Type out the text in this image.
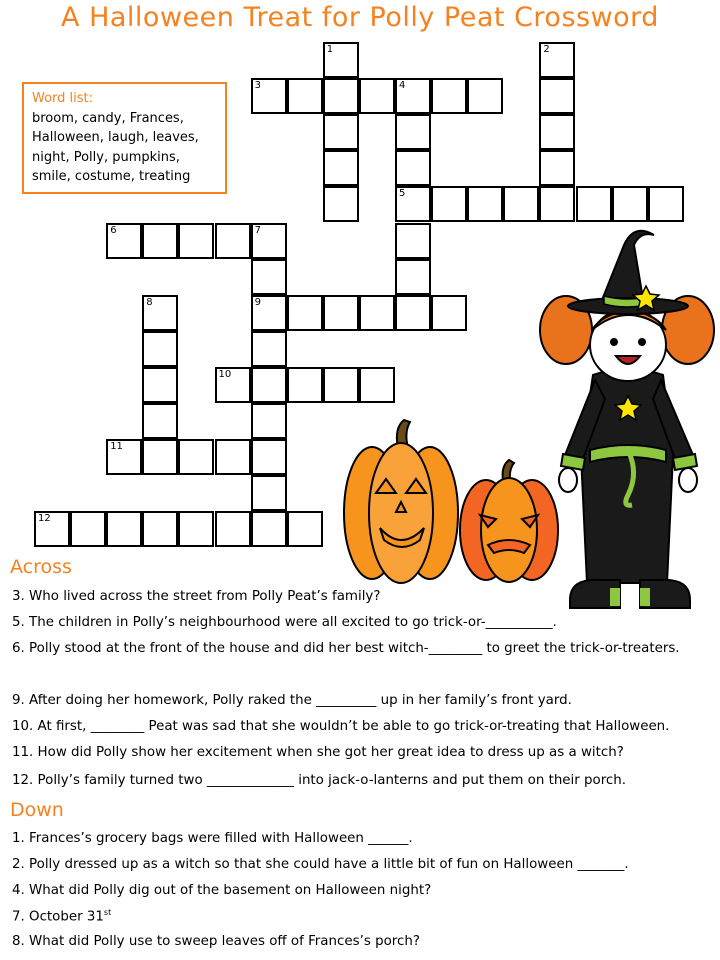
A Halloween Treat for Polly Peat Crossword
Word list:
broom, candy, Frances,
Halloween, laugh, leaves,
night, Polly, pumpkins,
smile, costume, treating
1	2
4
5
7
9
8
3
6
10
11
12
Across
3. Who lived across the street from Polly Peat’s family?
5. The children in Polly’s neighbourhood were all excited to go trick-or-__________.
6. Polly stood at the front of the house and did her best witch-________ to greet the trick-or-treaters.
9. After doing her homework, Polly raked the _________ up in her family’s front yard.
10. At first, ________ Peat was sad that she wouldn’t be able to go trick-or-treating that Halloween.
11. How did Polly show her excitement when she got her great idea to dress up as a witch?
12. Polly’s family turned two _____________ into jack-o-lanterns and put them on their porch.
Down
1. Frances’s grocery bags were filled with Halloween ______.
2. Polly dressed up as a witch so that she could have a little bit of fun on Halloween _______.
4. What did Polly dig out of the basement on Halloween night?
7. October 31st
8. What did Polly use to sweep leaves off of Frances’s porch?
